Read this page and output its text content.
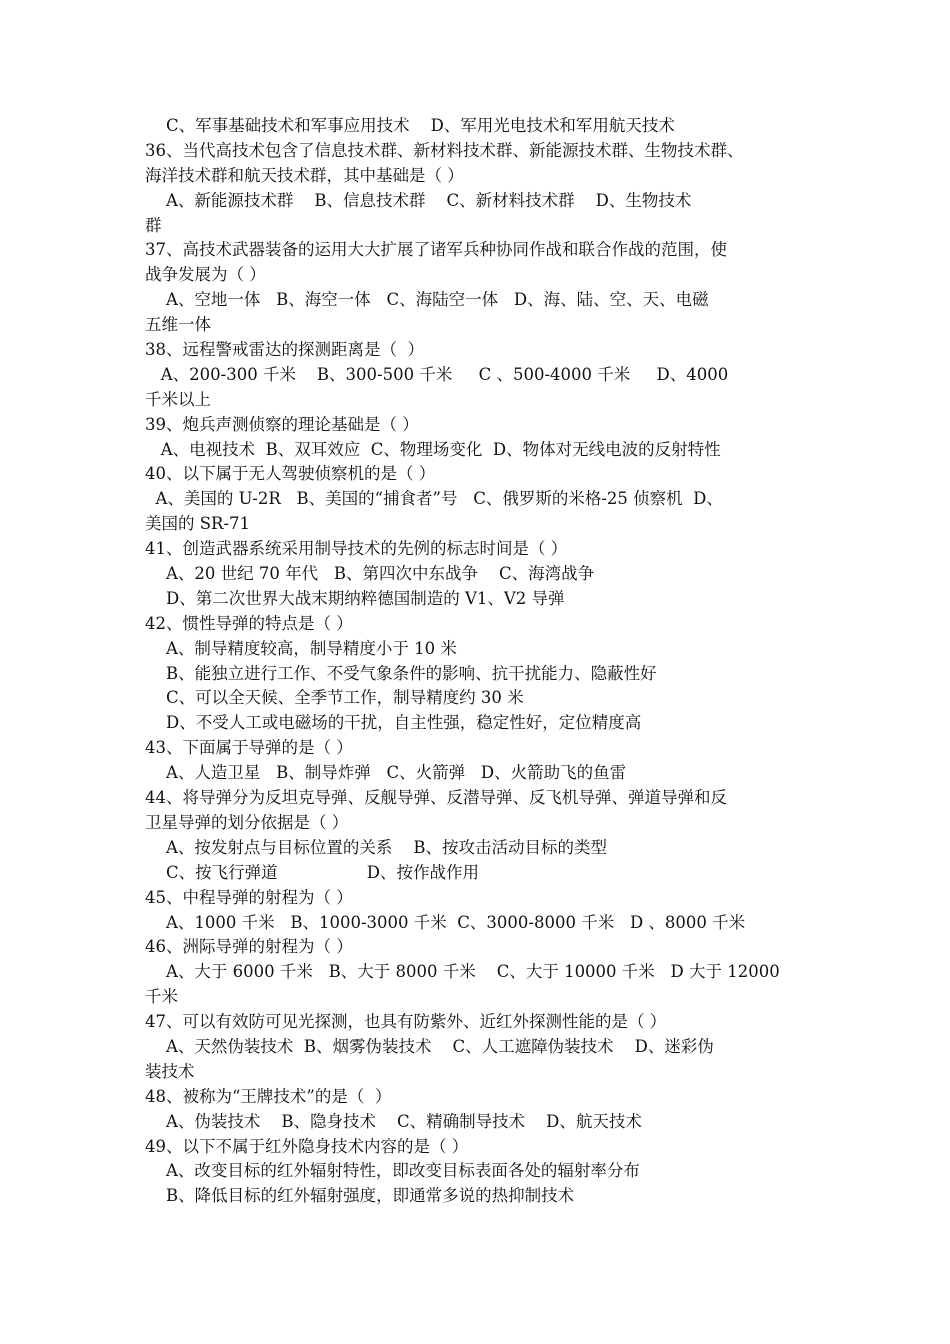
C、军事基础技术和军事应用技术    D、军用光电技术和军用航天技术
36、当代高技术包含了信息技术群、新材料技术群、新能源技术群、生物技术群、
海洋技术群和航天技术群，其中基础是（ ）
A、新能源技术群    B、信息技术群    C、新材料技术群    D、生物技术
群
37、高技术武器装备的运用大大扩展了诸军兵种协同作战和联合作战的范围，使
战争发展为（ ）
A、空地一体   B、海空一体   C、海陆空一体   D、海、陆、空、天、电磁
五维一体
38、远程警戒雷达的探测距离是（  ）
A、200-300 千米    B、300-500 千米     C 、500-4000 千米     D、4000
千米以上
39、炮兵声测侦察的理论基础是（ ）
A、电视技术  B、双耳效应  C、物理场变化  D、物体对无线电波的反射特性
40、以下属于无人驾驶侦察机的是（ ）
A、美国的 U-2R   B、美国的“捕食者”号   C、俄罗斯的米格-25 侦察机  D、
美国的 SR-71
41、创造武器系统采用制导技术的先例的标志时间是（ ）
A、20 世纪 70 年代   B、第四次中东战争    C、海湾战争
D、第二次世界大战末期纳粹德国制造的 V1、V2 导弹
42、惯性导弹的特点是（ ）
A、制导精度较高，制导精度小于 10 米
B、能独立进行工作、不受气象条件的影响、抗干扰能力、隐蔽性好
C、可以全天候、全季节工作，制导精度约 30 米
D、不受人工或电磁场的干扰，自主性强，稳定性好，定位精度高
43、下面属于导弹的是（ ）
A、人造卫星   B、制导炸弹   C、火箭弹   D、火箭助飞的鱼雷
44、将导弹分为反坦克导弹、反舰导弹、反潜导弹、反飞机导弹、弹道导弹和反
卫星导弹的划分依据是（ ）
A、按发射点与目标位置的关系    B、按攻击活动目标的类型
C、按飞行弹道                 D、按作战作用
45、中程导弹的射程为（ ）
A、1000 千米   B、1000-3000 千米  C、3000-8000 千米   D 、8000 千米
46、洲际导弹的射程为（ ）
A、大于 6000 千米   B、大于 8000 千米    C、大于 10000 千米   D 大于 12000
千米
47、可以有效防可见光探测，也具有防紫外、近红外探测性能的是（ ）
A、天然伪装技术  B、烟雾伪装技术    C、人工遮障伪装技术    D、迷彩伪
装技术
48、被称为“王牌技术”的是（  ）
A、伪装技术    B、隐身技术    C、精确制导技术    D、航天技术
49、以下不属于红外隐身技术内容的是（ ）
A、改变目标的红外辐射特性，即改变目标表面各处的辐射率分布
B、降低目标的红外辐射强度，即通常多说的热抑制技术
